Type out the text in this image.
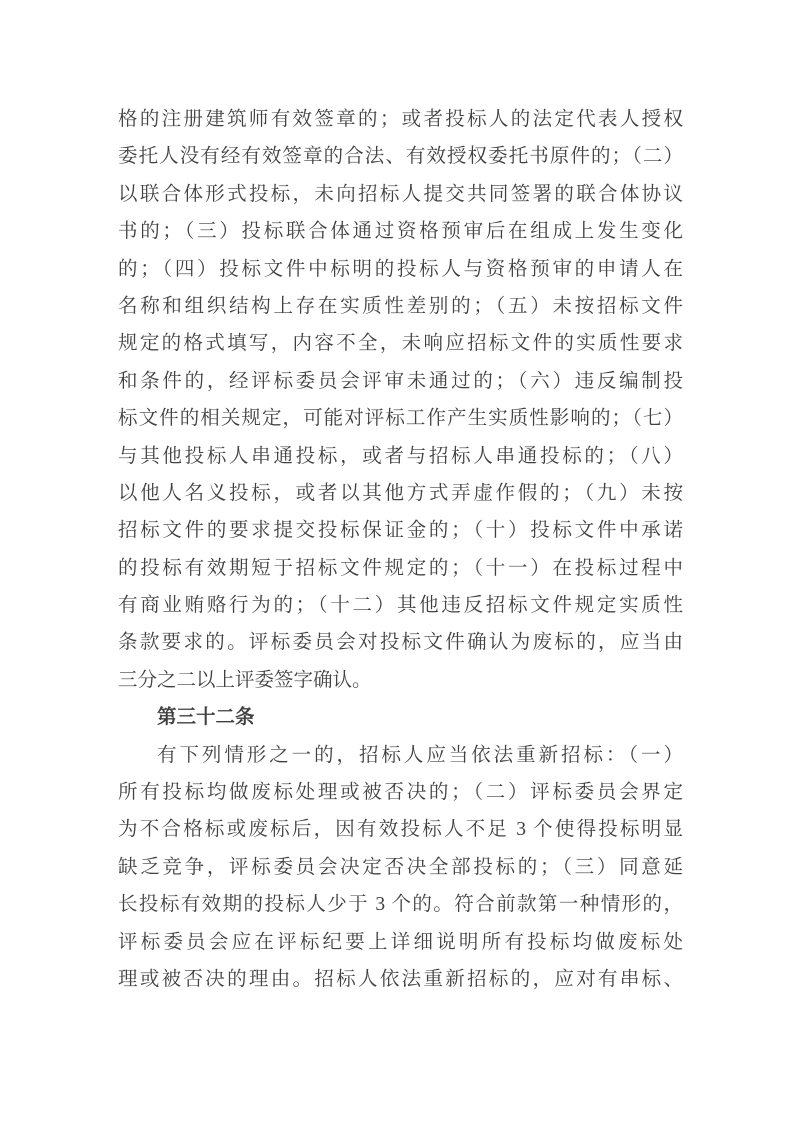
格的注册建筑师有效签章的；或者投标人的法定代表人授权
委托人没有经有效签章的合法、有效授权委托书原件的；（二）
以联合体形式投标，未向招标人提交共同签署的联合体协议
书的；（三）投标联合体通过资格预审后在组成上发生变化
的；（四）投标文件中标明的投标人与资格预审的申请人在
名称和组织结构上存在实质性差别的；（五）未按招标文件
规定的格式填写，内容不全，未响应招标文件的实质性要求
和条件的，经评标委员会评审未通过的；（六）违反编制投
标文件的相关规定，可能对评标工作产生实质性影响的；（七）
与其他投标人串通投标，或者与招标人串通投标的；（八）
以他人名义投标，或者以其他方式弄虚作假的；（九）未按
招标文件的要求提交投标保证金的；（十）投标文件中承诺
的投标有效期短于招标文件规定的；（十一）在投标过程中
有商业贿赂行为的；（十二）其他违反招标文件规定实质性
条款要求的。评标委员会对投标文件确认为废标的，应当由
三分之二以上评委签字确认。
第三十二条
有下列情形之一的，招标人应当依法重新招标：（一）
所有投标均做废标处理或被否决的；（二）评标委员会界定
为不合格标或废标后，因有效投标人不足 3 个使得投标明显
缺乏竞争，评标委员会决定否决全部投标的；（三）同意延
长投标有效期的投标人少于 3 个的。符合前款第一种情形的，
评标委员会应在评标纪要上详细说明所有投标均做废标处
理或被否决的理由。招标人依法重新招标的，应对有串标、
